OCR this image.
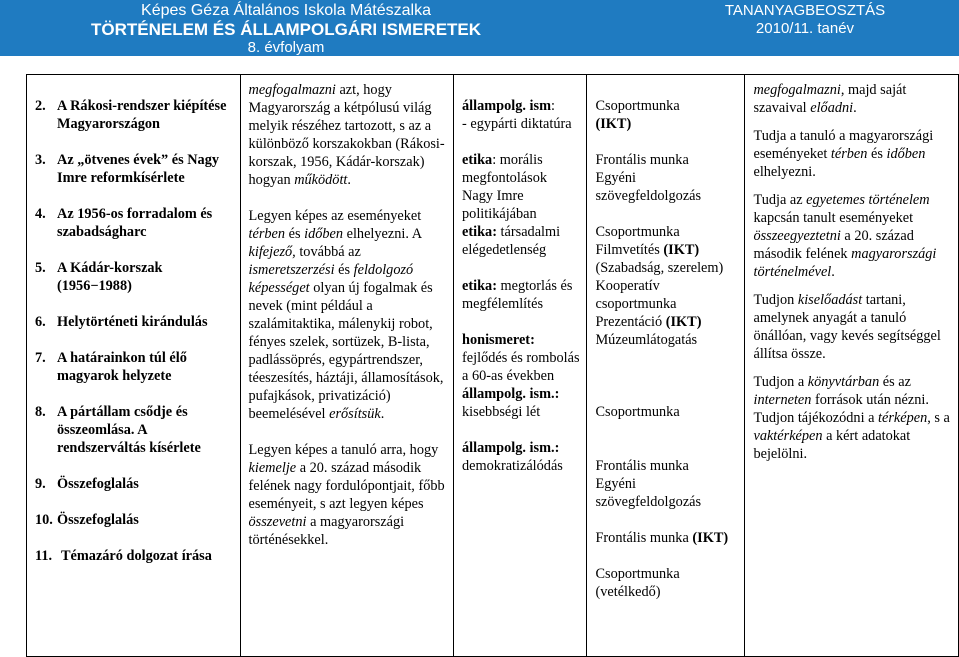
Képes Géza Általános Iskola Mátészalka
TÖRTÉNELEM ÉS ÁLLAMPOLGÁRI ISMERETEK
8. évfolyam
TANANYAGBEOSZTÁS
2010/11. tanév
2. A Rákosi-rendszer kiépítése Magyarországon
3. Az „ötvenes évek” és Nagy Imre reformkísérlete
4. Az 1956-os forradalom és szabadságharc
5. A Kádár-korszak (1956−1988)
6. Helytörténeti kirándulás
7. A határainkon túl élő magyarok helyzete
8. A pártállam csődje és összeomlása. A rendszerváltás kísérlete
9. Összefoglalás
10. Összefoglalás
11. Témazáró dolgozat írása

megfogalmazni azt, hogy Magyarország a kétpólusú világ melyik részéhez tartozott, s az a különböző korszakokban (Rákosi-korszak, 1956, Kádár-korszak) hogyan működött.
Legyen képes az eseményeket térben és időben elhelyezni. A kifejező, továbbá az ismeretszerzési és feldolgozó képességet olyan új fogalmak és nevek (mint például a szalámitaktika, málenykij robot, fényes szelek, sortüzek, B-lista, padlássöprés, egypártrendszer, téeszesítés, háztáji, államosítások, pufajkások, privatizáció) beemelésével erősítsük.
Legyen képes a tanuló arra, hogy kiemelje a 20. század második felének nagy fordulópontjait, főbb eseményeit, s azt legyen képes összevetni a magyarországi történésekkel.

állampolg. ism:
- egypárti diktatúra
etika: morális megfontolások Nagy Imre politikájában
etika: társadalmi elégedetlenség
etika: megtorlás és megfélemlítés
honismeret:
fejlődés és rombolás a 60-as években
állampolg. ism.:
kisebbségi lét
állampolg. ism.:
demokratizálódás

Csoportmunka
(IKT)
Frontális munka
Egyéni szövegfeldolgozás
Csoportmunka
Filmvetítés (IKT)
(Szabadság, szerelem)
Kooperatív csoportmunka
Prezentáció (IKT)
Múzeumlátogatás
Csoportmunka
Frontális munka
Egyéni szövegfeldolgozás
Frontális munka (IKT)
Csoportmunka (vetélkedő)

megfogalmazni, majd saját szavaival előadni.
Tudja a tanuló a magyarországi eseményeket térben és időben elhelyezni.
Tudja az egyetemes történelem kapcsán tanult eseményeket összeegyeztetni a 20. század második felének magyarországi történelmével.
Tudjon kiselőadást tartani, amelynek anyagát a tanuló önállóan, vagy kevés segítséggel állítsa össze.
Tudjon a könyvtárban és az interneten források után nézni. Tudjon tájékozódni a térképen, s a vaktérképen a kért adatokat bejelölni.
